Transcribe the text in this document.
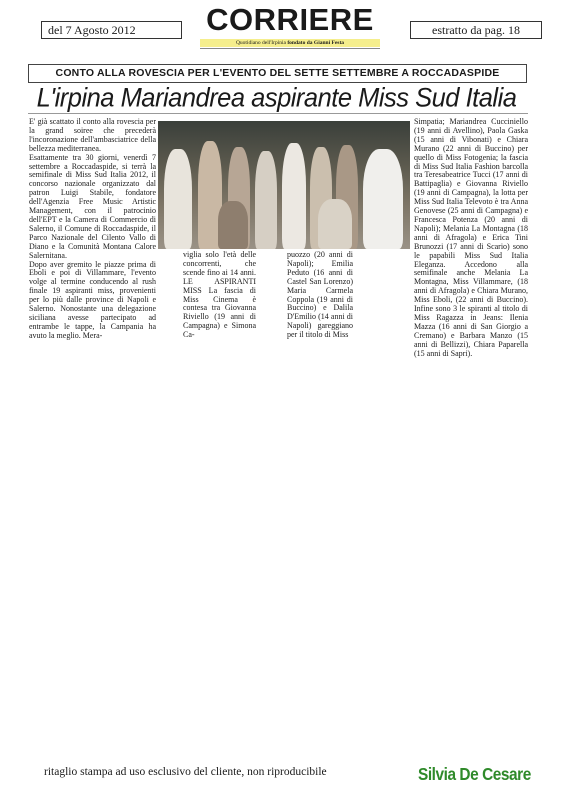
del 7 Agosto 2012	CORRIERE
Quotidiano dell'Irpinia fondato da Gianni Festa
estratto da pag. 18
CONTO ALLA ROVESCIA PER L'EVENTO DEL SETTE SETTEMBRE A ROCCADASPIDE
L'irpina Mariandrea aspirante Miss Sud Italia

E' già scattato il conto alla rovescia per la grand soiree che precederà l'incoronazione dell'ambasciatrice della bellezza mediterranea.

Esattamente tra 30 giorni, venerdì 7 settembre a Roccadaspide, si terrà la semifinale di Miss Sud Italia 2012, il concorso nazionale organizzato dal patron Luigi Stabile, fondatore dell'Agenzia Free Music Artistic Management, con il patrocinio dell'EPT e la Camera di Commercio di Salerno, il Comune di Roccadaspide, il Parco Nazionale del Cilento Vallo di Diano e la Comunità Montana Calore Salernitana.

Dopo aver gremito le piazze prima di Eboli e poi di Villammare, l'evento volge al termine conducendo al rush finale 19 aspiranti miss, provenienti per lo più dalle province di Napoli e Salerno. Nonostante una delegazione siciliana avesse partecipato ad entrambe le tappe, la Campania ha avuto la meglio. Mera-

viglia solo l'età delle concorrenti, che scende fino ai 14 anni. LE ASPIRANTI MISS La fascia di Miss Cinema è contesa tra Giovanna Riviello (19 anni di Campagna) e Simona Ca-
puozzo (20 anni di Napoli); Emilia Peduto (16 anni di Castel San Lorenzo) Maria Carmela Coppola (19 anni di Buccino) e Dalila D'Emilio (14 anni di Napoli) gareggiano per il titolo di Miss
Simpatia; Mariandrea Cucciniello (19 anni di Avellino), Paola Gaska (15 anni di Vibonati) e Chiara Murano (22 anni di Buccino) per quello di Miss Fotogenia; la fascia di Miss Sud Italia Fashion barcolla tra Teresabeatrice Tucci (17 anni di Battipaglia) e Giovanna Riviello (19 anni di Campagna), la lotta per Miss Sud Italia Televoto è tra Anna Genovese (25 anni di Campagna) e Francesca Potenza (20 anni di Napoli); Melania La Montagna (18 anni di Afragola) e Erica Tini Brunozzi (17 anni di Scario) sono le papabili Miss Sud Italia Eleganza. Accedono alla semifinale anche Melania La Montagna, Miss Villammare, (18 anni di Afragola) e Chiara Murano, Miss Eboli, (22 anni di Buccino). Infine sono 3 le spiranti al titolo di Miss Ragazza in Jeans: Ilenia Mazza (16 anni di San Giorgio a Cremano) e Barbara Manzo (15 anni di Bellizzi), Chiara Paparella (15 anni di Sapri).
ritaglio stampa ad uso esclusivo del cliente, non riproducibile	Silvia De Cesare
